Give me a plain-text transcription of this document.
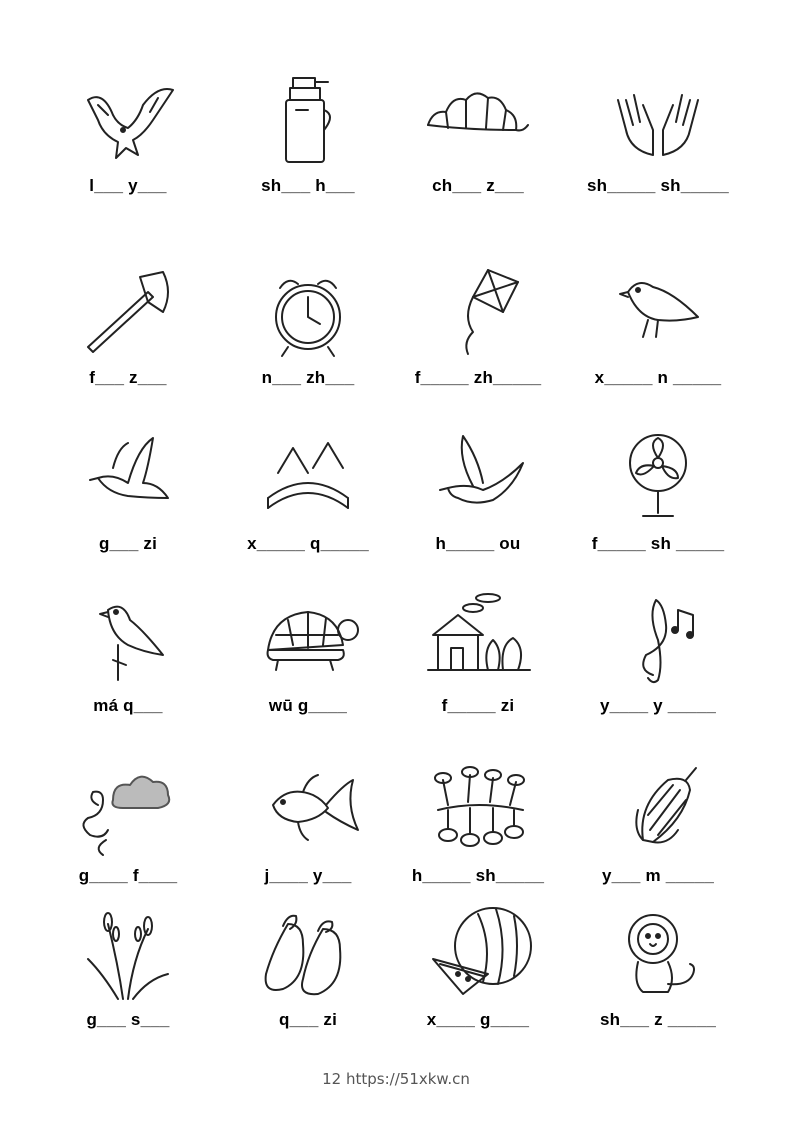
l___ y___	sh___ h___	ch___ z___	sh_____ sh_____
f___ z___	n___ zh___	f_____ zh_____	x_____ n _____
g___ zi	x_____ q_____	h_____ ou	f_____ sh _____
má q___	wū g____	f_____ zi	y____ y _____
g____ f____	j____ y___	h_____ sh_____	y___ m _____
g___ s___	q___ zi	x____ g____	sh___ z _____
12 https://51xkw.cn
